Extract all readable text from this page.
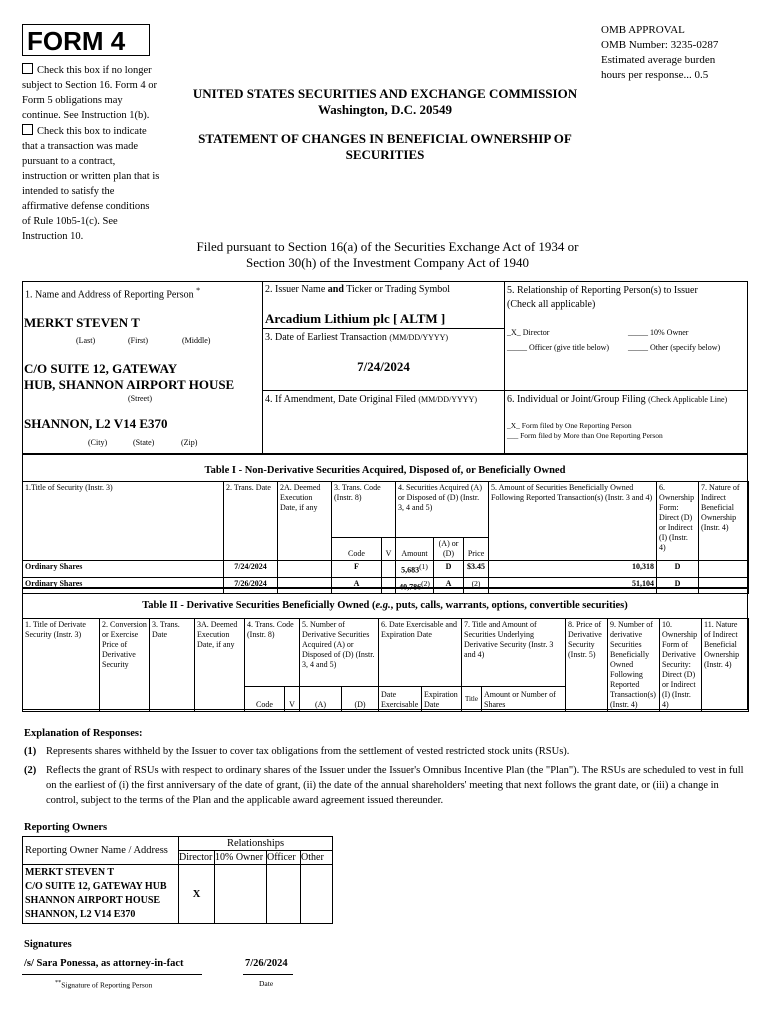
FORM 4	OMB APPROVAL
OMB Number: 3235-0287
Estimated average burden
hours per response... 0.5
Check this box if no longer
subject to Section 16. Form 4 or
Form 5 obligations may
continue. See Instruction 1(b).
Check this box to indicate
that a transaction was made
pursuant to a contract,
instruction or written plan that is
intended to satisfy the
affirmative defense conditions
of Rule 10b5-1(c). See
Instruction 10.
UNITED STATES SECURITIES AND EXCHANGE COMMISSION
Washington, D.C. 20549
STATEMENT OF CHANGES IN BENEFICIAL OWNERSHIP OF
SECURITIES
Filed pursuant to Section 16(a) of the Securities Exchange Act of 1934 or
Section 30(h) of the Investment Company Act of 1940
1. Name and Address of Reporting Person *
MERKT STEVEN T
(Last)	(First)	(Middle)
C/O SUITE 12, GATEWAY
HUB, SHANNON AIRPORT HOUSE
(Street)
SHANNON, L2 V14 E370
(City)	(State)	(Zip)
2. Issuer Name and Ticker or Trading Symbol
Arcadium Lithium plc [ ALTM ]
3. Date of Earliest Transaction (MM/DD/YYYY)
7/24/2024
4. If Amendment, Date Original Filed (MM/DD/YYYY)
5. Relationship of Reporting Person(s) to Issuer
(Check all applicable)
_X_ Director	_____ 10% Owner
_____ Officer (give title below) _____ Other (specify below)
6. Individual or Joint/Group Filing (Check Applicable Line)
_X_ Form filed by One Reporting Person
___ Form filed by More than One Reporting Person
Table I - Non-Derivative Securities Acquired, Disposed of, or Beneficially Owned
1.Title of Security (Instr. 3)	2. Trans. Date	2A. Deemed Execution Date, if any	3. Trans. Code (Instr. 8)		4. Securities Acquired (A) or Disposed of (D) (Instr. 3, 4 and 5)			5. Amount of Securities Beneficially Owned Following Reported Transaction(s) (Instr. 3 and 4)	6. Ownership Form: Direct (D) or Indirect (I) (Instr. 4)	7. Nature of Indirect Beneficial Ownership (Instr. 4)
			Code	V	Amount	(A) or (D)	Price			
Ordinary Shares	7/24/2024		F		5,683$^{(1)}$	D	$3.45	10,318	D	
Ordinary Shares	7/26/2024		A		40,786$^{(2)}$	A	$^{(2)}$	51,104	D	
Table II - Derivative Securities Beneficially Owned (e.g., puts, calls, warrants, options, convertible securities)
1. Title of Derivate Security (Instr. 3)	2. Conversion or Exercise Price of Derivative Security	3. Trans. Date	3A. Deemed Execution Date, if any	4. Trans. Code (Instr. 8)		5. Number of Derivative Securities Acquired (A) or Disposed of (D) (Instr. 3, 4 and 5)		6. Date Exercisable and Expiration Date		7. Title and Amount of Securities Underlying Derivative Security (Instr. 3 and 4)		8. Price of Derivative Security (Instr. 5)	9. Number of derivative Securities Beneficially Owned Following Reported Transaction(s) (Instr. 4)	10. Ownership Form of Derivative Security: Direct (D) or Indirect (I) (Instr. 4)	11. Nature of Indirect Beneficial Ownership (Instr. 4)
				Code	V	(A)	(D)	Date Exercisable	Expiration Date	Title	Amount or Number of Shares				
Explanation of Responses:
(1) Represents shares withheld by the Issuer to cover tax obligations from the settlement of vested restricted stock units (RSUs).
(2) Reflects the grant of RSUs with respect to ordinary shares of the Issuer under the Issuer's Omnibus Incentive Plan (the "Plan"). The RSUs are scheduled to vest in full on the earliest of (i) the first anniversary of the date of grant, (ii) the date of the annual shareholders' meeting that next follows the grant date, or (iii) a change in control, subject to the terms of the Plan and the applicable award agreement issued thereunder.
Reporting Owners
Reporting Owner Name / Address	Relationships			
	Director	10% Owner	Officer	Other

MERKT STEVEN T
C/O SUITE 12, GATEWAY HUB
SHANNON AIRPORT HOUSE
SHANNON, L2 V14 E370	X			
Signatures
/s/ Sara Ponessa, as attorney-in-fact	7/26/2024
**Signature of Reporting Person	Date
